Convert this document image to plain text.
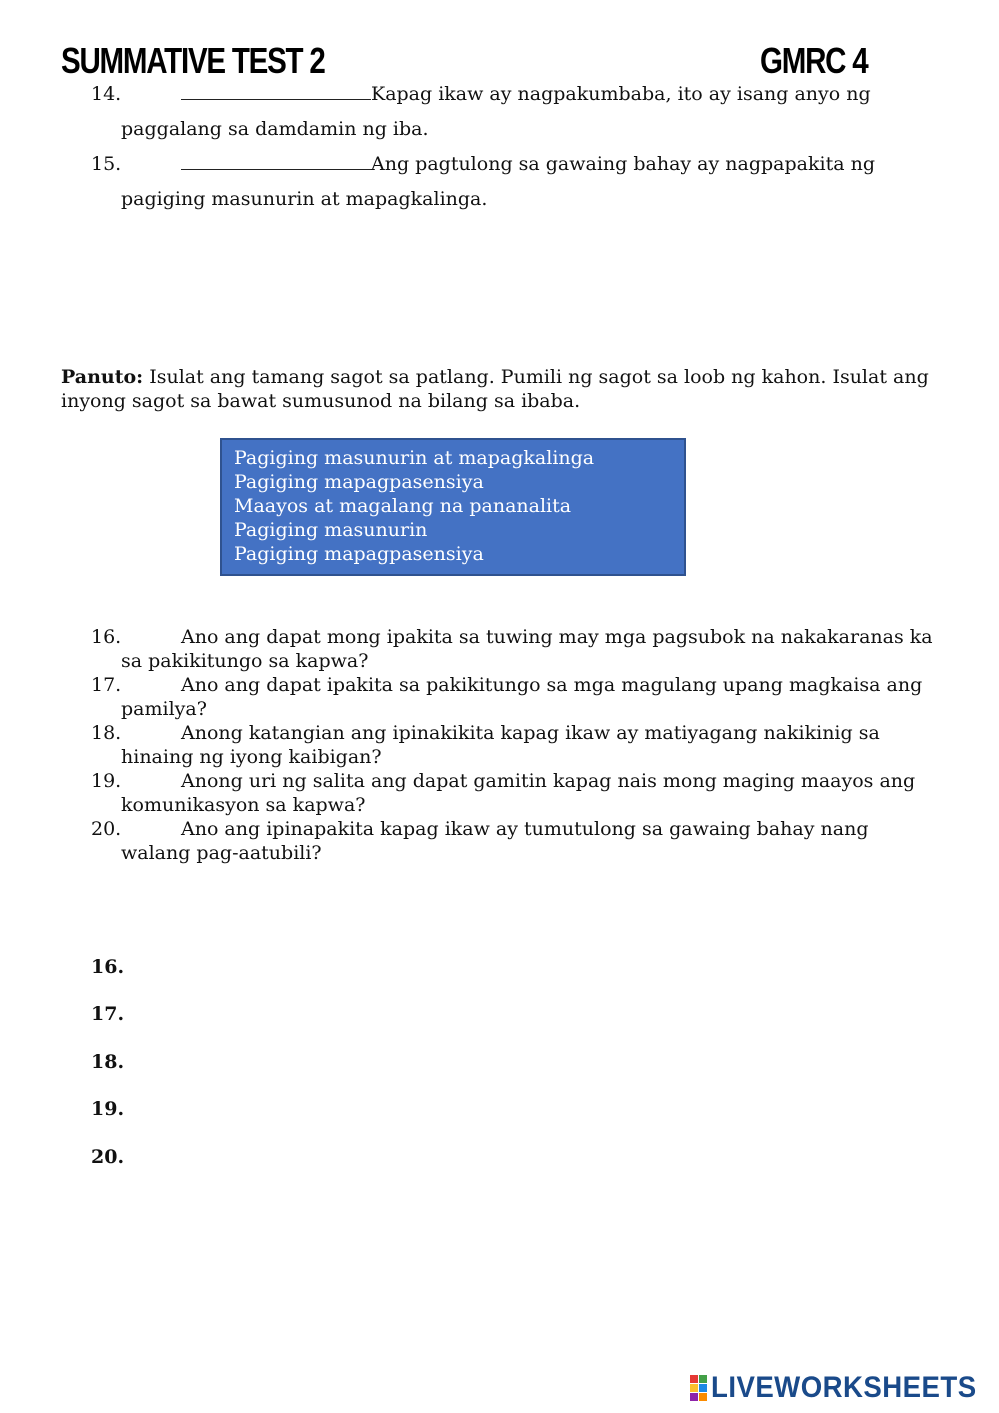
SUMMATIVE TEST 2	GMRC 4
14.	Kapag ikaw ay nagpakumbaba, ito ay isang anyo ng
paggalang sa damdamin ng iba.
15.	Ang pagtulong sa gawaing bahay ay nagpapakita ng
pagiging masunurin at mapagkalinga.
Panuto: Isulat ang tamang sagot sa patlang. Pumili ng sagot sa loob ng kahon. Isulat ang inyong sagot sa bawat sumusunod na bilang sa ibaba.
Pagiging masunurin at mapagkalinga
Pagiging mapagpasensiya
Maayos at magalang na pananalita
Pagiging masunurin
Pagiging mapagpasensiya
16.	Ano ang dapat mong ipakita sa tuwing may mga pagsubok na nakakaranas ka sa pakikitungo sa kapwa?
17.	Ano ang dapat ipakita sa pakikitungo sa mga magulang upang magkaisa ang pamilya?
18.	Anong katangian ang ipinakikita kapag ikaw ay matiyagang nakikinig sa hinaing ng iyong kaibigan?
19.	Anong uri ng salita ang dapat gamitin kapag nais mong maging maayos ang komunikasyon sa kapwa?
20.	Ano ang ipinapakita kapag ikaw ay tumutulong sa gawaing bahay nang walang pag-aatubili?
16.
17.
18.
19.
20.
LIVEWORKSHEETS
